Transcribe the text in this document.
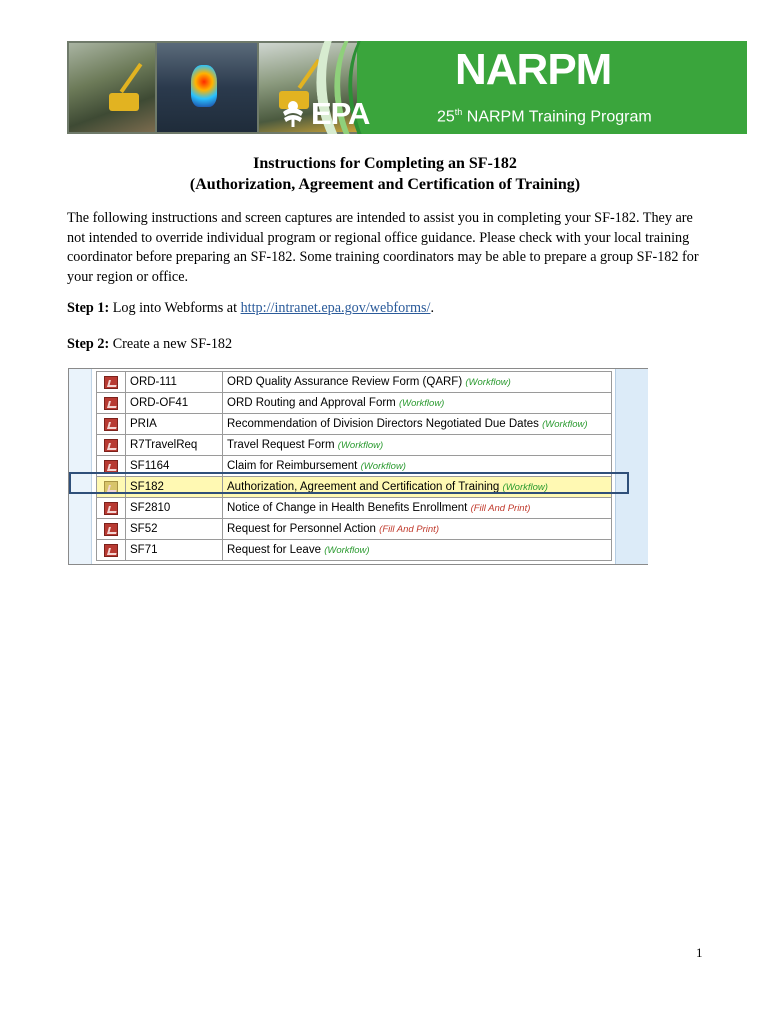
EPA
NARPM
25th NARPM Training Program
Instructions for Completing an SF-182
(Authorization, Agreement and Certification of Training)
The following instructions and screen captures are intended to assist you in completing your SF-182. They are not intended to override individual program or regional office guidance. Please check with your local training coordinator before preparing an SF-182. Some training coordinators may be able to prepare a group SF-182 for your region or office.
Step 1: Log into Webforms at http://intranet.epa.gov/webforms/.
Step 2: Create a new SF-182
	ORD-111	ORD Quality Assurance Review Form (QARF) (Workflow)
	ORD-OF41	ORD Routing and Approval Form (Workflow)
	PRIA	Recommendation of Division Directors Negotiated Due Dates (Workflow)
	R7TravelReq	Travel Request Form (Workflow)
	SF1164	Claim for Reimbursement (Workflow)
	SF182	Authorization, Agreement and Certification of Training (Workflow)
	SF2810	Notice of Change in Health Benefits Enrollment (Fill And Print)
	SF52	Request for Personnel Action (Fill And Print)
	SF71	Request for Leave (Workflow)
1
